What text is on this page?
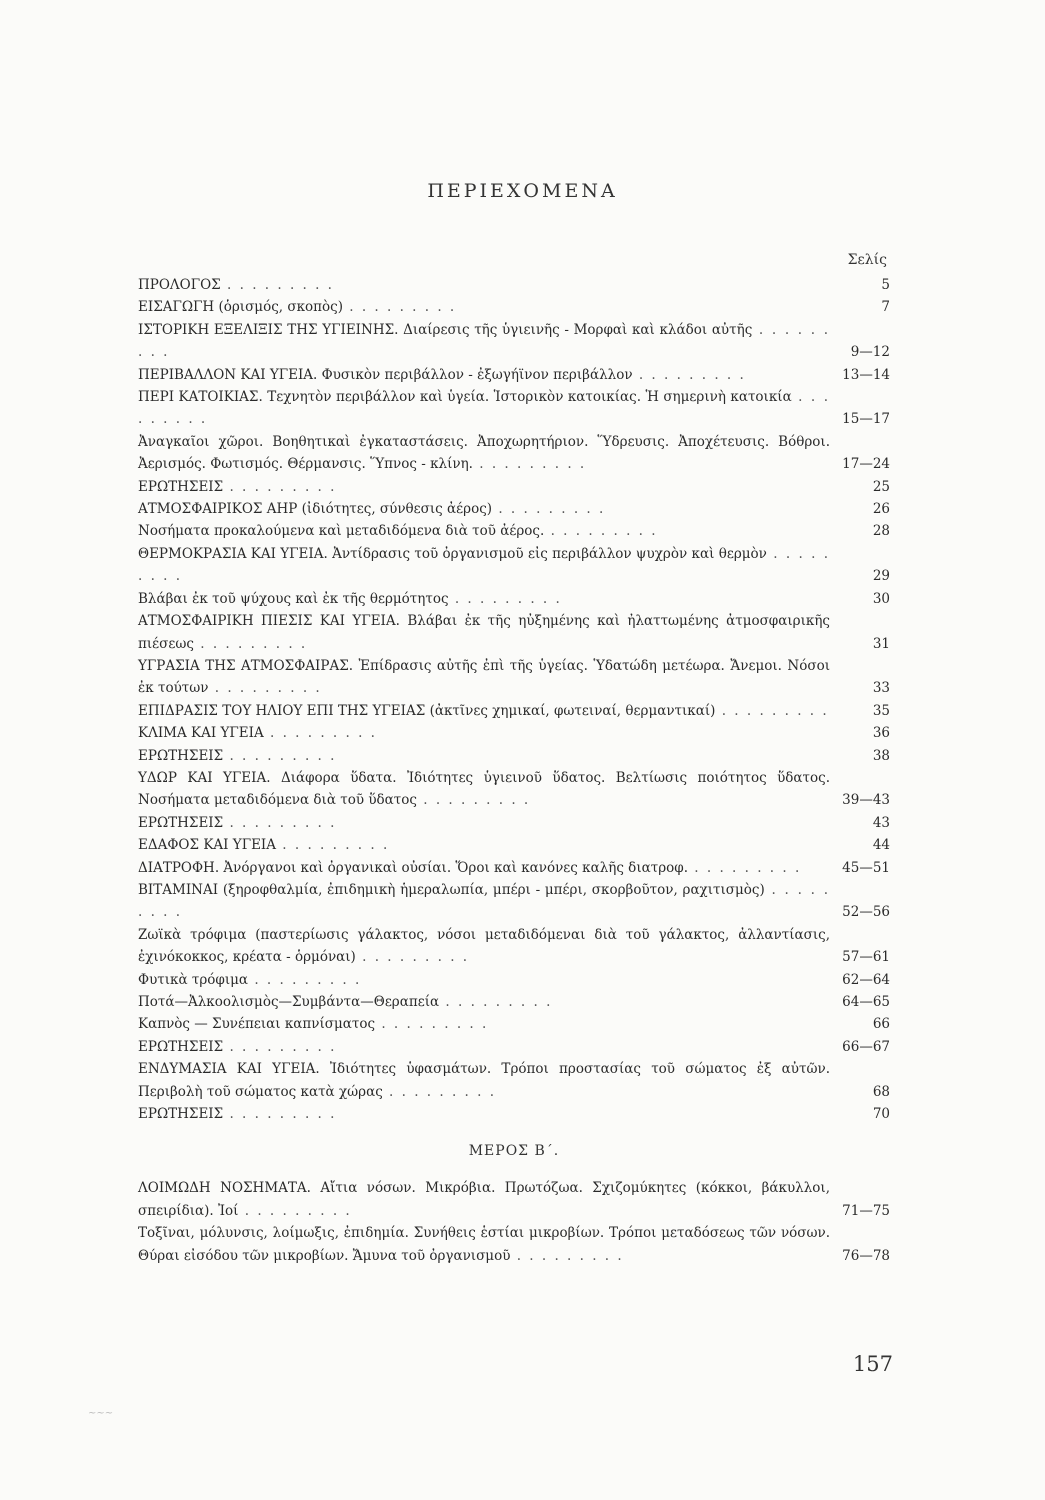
ΠΕΡΙΕΧΟΜΕΝΑ
Σελίς
ΠΡΟΛΟΓΟΣ . . . . . . . . .	5
ΕΙΣΑΓΩΓΗ (ὁρισμός, σκοπὸς) . . . . . . . . .	7
ΙΣΤΟΡΙΚΗ ΕΞΕΛΙΞΙΣ ΤΗΣ ΥΓΙΕΙΝΗΣ. Διαίρεσις τῆς ὑγιεινῆς - Μορφαὶ καὶ κλάδοι αὐτῆς . . . . . . . . .	9—12
ΠΕΡΙΒΑΛΛΟΝ ΚΑΙ ΥΓΕΙΑ. Φυσικὸν περιβάλλον - ἐξωγήϊνον περιβάλλον . . . . . . . . .	13—14
ΠΕΡΙ ΚΑΤΟΙΚΙΑΣ. Τεχνητὸν περιβάλλον καὶ ὑγεία. Ἱστορικὸν κατοικίας. Ἡ σημερινὴ κατοικία . . . . . . . . .	15—17
Ἀναγκαῖοι χῶροι. Βοηθητικαὶ ἐγκαταστάσεις. Ἀποχωρητήριον. Ὕδρευσις. Ἀποχέτευσις. Βόθροι. Ἀερισμός. Φωτισμός. Θέρμανσις. Ὕπνος - κλίνη. . . . . . . . . .	17—24
ΕΡΩΤΗΣΕΙΣ . . . . . . . . .	25
ΑΤΜΟΣΦΑΙΡΙΚΟΣ ΑΗΡ (ἰδιότητες, σύνθεσις ἀέρος) . . . . . . . . .	26
Νοσήματα προκαλούμενα καὶ μεταδιδόμενα διὰ τοῦ ἀέρος. . . . . . . . . .	28
ΘΕΡΜΟΚΡΑΣΙΑ ΚΑΙ ΥΓΕΙΑ. Ἀντίδρασις τοῦ ὀργανισμοῦ εἰς περιβάλλον ψυχρὸν καὶ θερμὸν . . . . . . . . .	29
Βλάβαι ἐκ τοῦ ψύχους καὶ ἐκ τῆς θερμότητος . . . . . . . . .	30
ΑΤΜΟΣΦΑΙΡΙΚΗ ΠΙΕΣΙΣ ΚΑΙ ΥΓΕΙΑ. Βλάβαι ἐκ τῆς ηὐξημένης καὶ ἠλαττωμένης ἀτμοσφαιρικῆς πιέσεως . . . . . . . . .	31
ΥΓΡΑΣΙΑ ΤΗΣ ΑΤΜΟΣΦΑΙΡΑΣ. Ἐπίδρασις αὐτῆς ἐπὶ τῆς ὑγείας. Ὑδατώδη μετέωρα. Ἄνεμοι. Νόσοι ἐκ τούτων . . . . . . . . .	33
ΕΠΙΔΡΑΣΙΣ ΤΟΥ ΗΛΙΟΥ ΕΠΙ ΤΗΣ ΥΓΕΙΑΣ (ἀκτῖνες χημικαί, φωτειναί, θερμαντικαί) . . . . . . . . .	35
ΚΛΙΜΑ ΚΑΙ ΥΓΕΙΑ . . . . . . . . .	36
ΕΡΩΤΗΣΕΙΣ . . . . . . . . .	38
ΥΔΩΡ ΚΑΙ ΥΓΕΙΑ. Διάφορα ὕδατα. Ἰδιότητες ὑγιεινοῦ ὕδατος. Βελτίωσις ποιότητος ὕδατος. Νοσήματα μεταδιδόμενα διὰ τοῦ ὕδατος . . . . . . . . .	39—43
ΕΡΩΤΗΣΕΙΣ . . . . . . . . .	43
ΕΔΑΦΟΣ ΚΑΙ ΥΓΕΙΑ . . . . . . . . .	44
ΔΙΑΤΡΟΦΗ. Ἀνόργανοι καὶ ὀργανικαὶ οὐσίαι. Ὅροι καὶ κανόνες καλῆς διατροφ. . . . . . . . . .	45—51
ΒΙΤΑΜΙΝΑΙ (ξηροφθαλμία, ἐπιδημικὴ ἡμεραλωπία, μπέρι - μπέρι, σκορβοῦτον, ραχιτισμὸς) . . . . . . . . .	52—56
Ζωϊκὰ τρόφιμα (παστερίωσις γάλακτος, νόσοι μεταδιδόμεναι διὰ τοῦ γάλακτος, ἀλλαντίασις, ἐχινόκοκκος, κρέατα - ὁρμόναι) . . . . . . . . .	57—61
Φυτικὰ τρόφιμα . . . . . . . . .	62—64
Ποτά—Ἀλκοολισμὸς—Συμβάντα—Θεραπεία . . . . . . . . .	64—65
Καπνὸς — Συνέπειαι καπνίσματος . . . . . . . . .	66
ΕΡΩΤΗΣΕΙΣ . . . . . . . . .	66—67
ΕΝΔΥΜΑΣΙΑ ΚΑΙ ΥΓΕΙΑ. Ἰδιότητες ὑφασμάτων. Τρόποι προστασίας τοῦ σώματος ἐξ αὐτῶν. Περιβολὴ τοῦ σώματος κατὰ χώρας . . . . . . . . .	68
ΕΡΩΤΗΣΕΙΣ . . . . . . . . .	70
ΜΕΡΟΣ Β΄.
ΛΟΙΜΩΔΗ ΝΟΣΗΜΑΤΑ. Αἴτια νόσων. Μικρόβια. Πρωτόζωα. Σχιζομύκητες (κόκκοι, βάκυλλοι, σπειρίδια). Ἰοί . . . . . . . . .	71—75
Τοξῖναι, μόλυνσις, λοίμωξις, ἐπιδημία. Συνήθεις ἑστίαι μικροβίων. Τρόποι μεταδόσεως τῶν νόσων. Θύραι εἰσόδου τῶν μικροβίων. Ἄμυνα τοῦ ὀργανισμοῦ . . . . . . . . .	76—78
157
~~~
